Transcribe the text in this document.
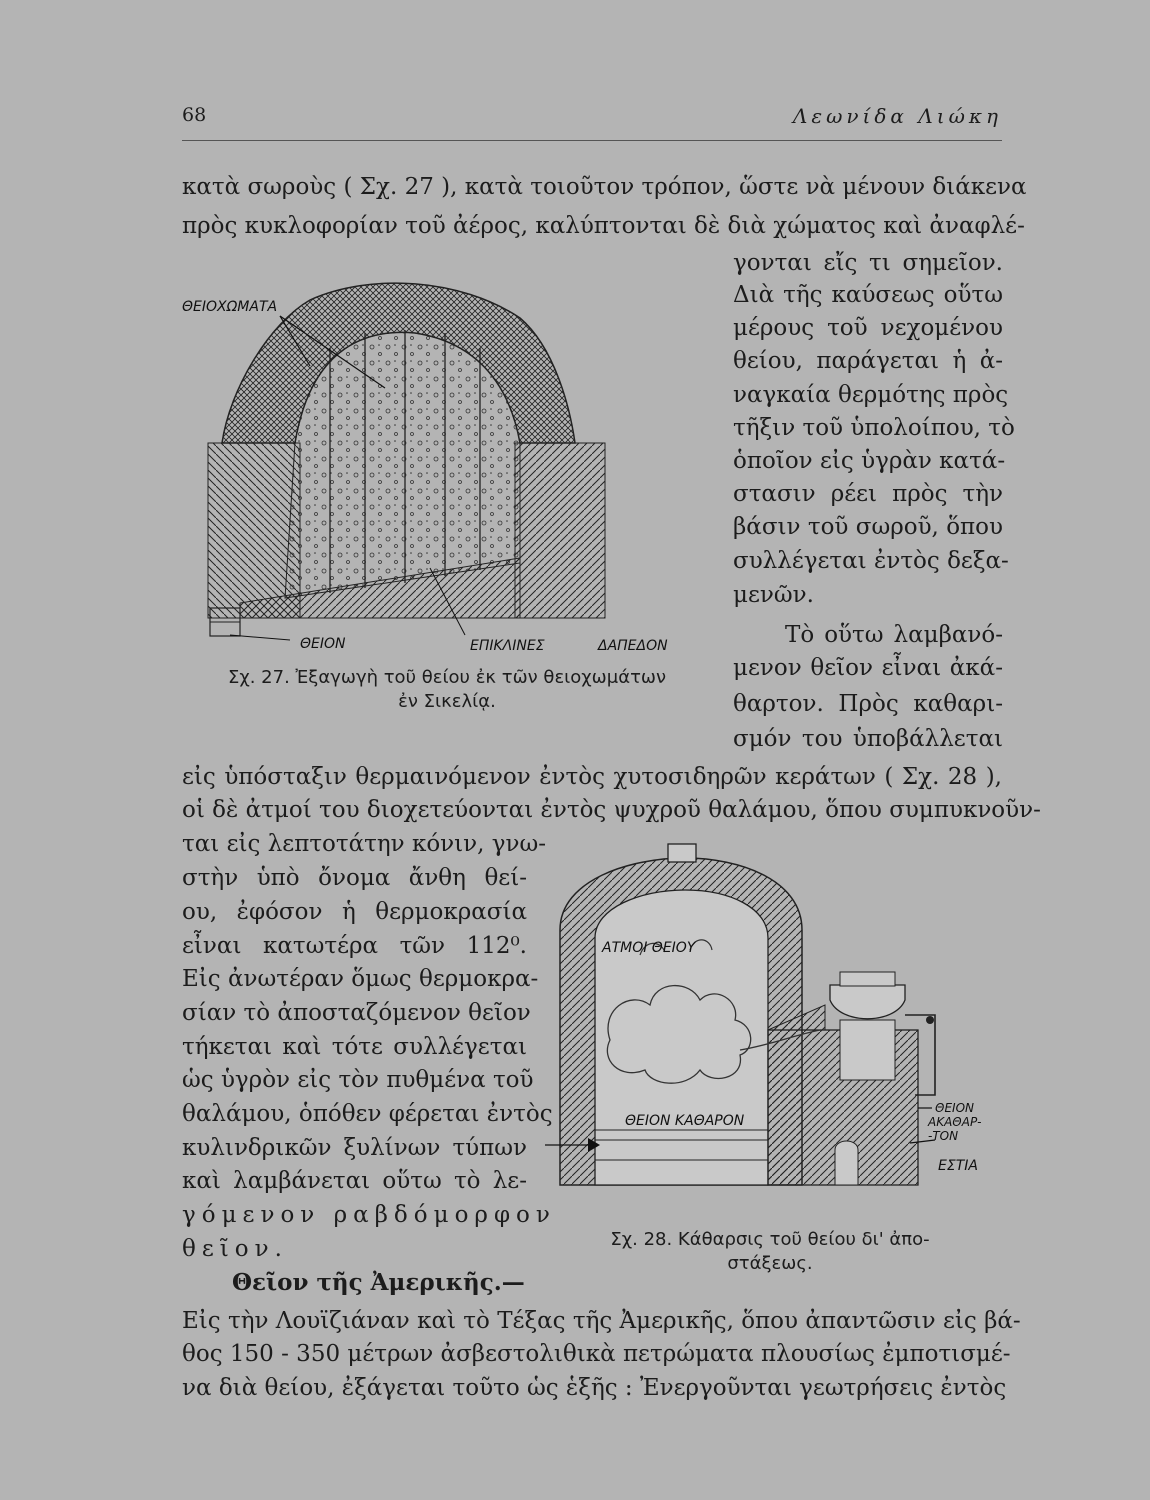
68	Λεωνίδα Λιώκη
κατὰ σωροὺς ( Σχ. 27 ), κατὰ τοιοῦτον τρόπον, ὥστε νὰ μένουν διάκενα
πρὸς κυκλοφορίαν τοῦ ἀέρος, καλύπτονται δὲ διὰ χώματος καὶ ἀναφλέ-
γονται εἴς τι σημεῖον.
Διὰ τῆς καύσεως οὕτω
μέρους τοῦ νεχομένου
θείου, παράγεται ἡ ἀ-
ναγκαία θερμότης πρὸς
τῆξιν τοῦ ὑπολοίπου, τὸ
ὁποῖον εἰς ὑγρὰν κατά-
στασιν ρέει πρὸς τὴν
βάσιν τοῦ σωροῦ, ὅπου
συλλέγεται ἐντὸς δεξα-
μενῶν.
Τὸ οὕτω λαμβανό-
μενον θεῖον εἶναι ἀκά-
θαρτον. Πρὸς καθαρι-
σμόν του ὑποβάλλεται
ΘΕΙΟΧΩΜΑΤΑ
ΘΕΙΟΝ	ΕΠΙΚΛΙΝΕΣ	ΔΑΠΕΔΟΝ
Σχ. 27. Ἐξαγωγὴ τοῦ θείου ἐκ τῶν θειοχωμάτων
ἐν Σικελίᾳ.
εἰς ὑπόσταξιν θερμαινόμενον ἐντὸς χυτοσιδηρῶν κεράτων ( Σχ. 28 ),
οἱ δὲ ἀτμοί του διοχετεύονται ἐντὸς ψυχροῦ θαλάμου, ὅπου συμπυκνοῦν-
ται εἰς λεπτοτάτην κόνιν, γνω-
στὴν ὑπὸ ὄνομα ἄνθη θεί-
ου, ἐφόσον ἡ θερμοκρασία
εἶναι κατωτέρα τῶν 112⁰.
Εἰς ἀνωτέραν ὅμως θερμοκρα-
σίαν τὸ ἀποσταζόμενον θεῖον
τήκεται καὶ τότε συλλέγεται
ὡς ὑγρὸν εἰς τὸν πυθμένα τοῦ
θαλάμου, ὁπόθεν φέρεται ἐντὸς
κυλινδρικῶν ξυλίνων τύπων
καὶ λαμβάνεται οὕτω τὸ λε-
γόμενον ραβδόμορφον
θεῖον.
ΑΤΜΟΙ ΘΕΙΟΥ
ΘΕΙΟΝ ΚΑΘΑΡΟΝ
ΘΕΙΟΝ
ΑΚΑΘΑΡ-
-ΤΟΝ
ΕΣΤΙΑ
Σχ. 28. Κάθαρσις τοῦ θείου δι' ἀπο-
στάξεως.
Θεῖον τῆς Ἀμερικῆς.—
Εἰς τὴν Λουϊζιάναν καὶ τὸ Τέξας τῆς Ἀμερικῆς, ὅπου ἀπαντῶσιν εἰς βά-
θος 150 - 350 μέτρων ἀσβεστολιθικὰ πετρώματα πλουσίως ἐμποτισμέ-
να διὰ θείου, ἐξάγεται τοῦτο ὡς ἑξῆς : Ἐνεργοῦνται γεωτρήσεις ἐντὸς
